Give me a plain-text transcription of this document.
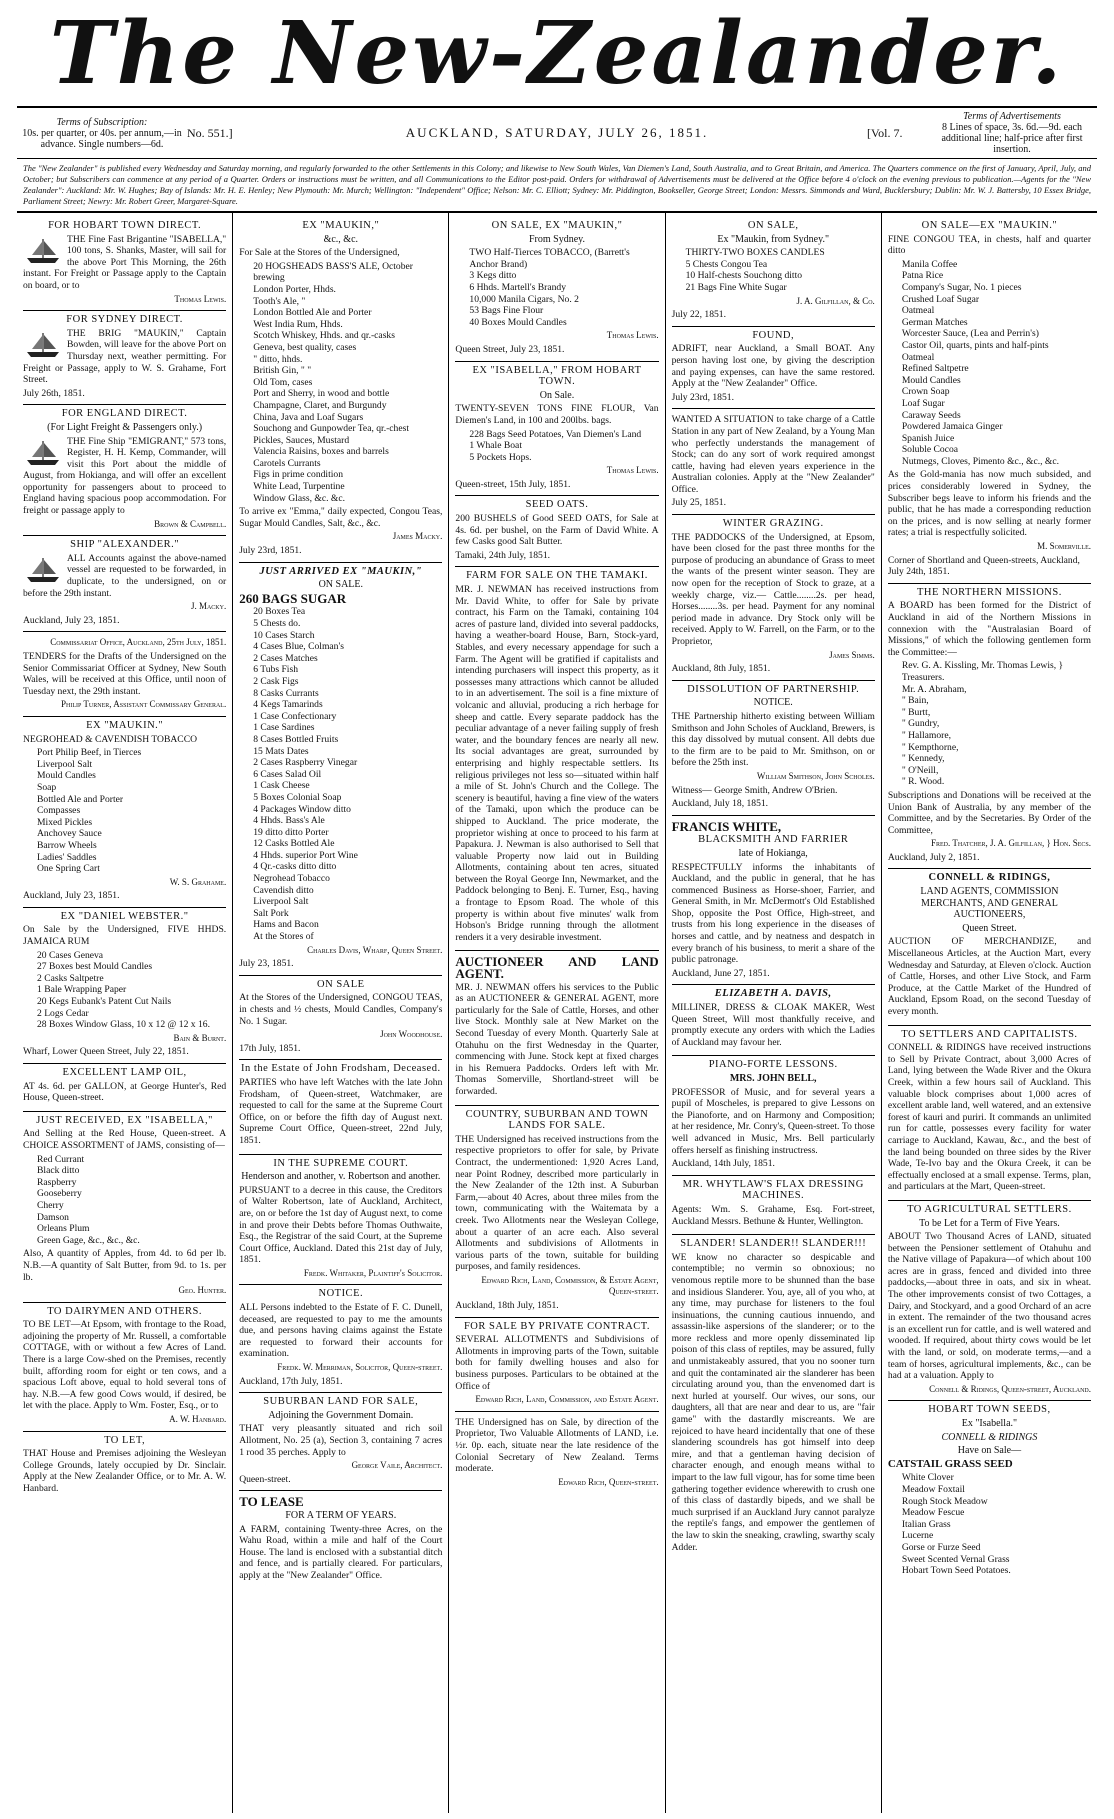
The New-Zealander.
Terms of Subscription:
10s. per quarter, or 40s. per annum,—in advance. Single numbers—6d.
No. 551.]	AUCKLAND, SATURDAY, JULY 26, 1851.	[Vol. 7.
Terms of Advertisements
8 Lines of space, 3s. 6d.—9d. each additional line; half-price after first insertion.
The "New Zealander" is published every Wednesday and Saturday morning, and regularly forwarded to the other Settlements in this Colony; and likewise to New South Wales, Van Diemen's Land, South Australia, and to Great Britain, and America. The Quarters commence on the first of January, April, July, and October; but Subscribers can commence at any period of a Quarter. Orders or instructions must be written, and all Communications to the Editor post-paid. Orders for withdrawal of Advertisements must be delivered at the Office before 4 o'clock on the evening previous to publication.—Agents for the "New Zealander": Auckland: Mr. W. Hughes; Bay of Islands: Mr. H. E. Henley; New Plymouth: Mr. Murch; Wellington: "Independent" Office; Nelson: Mr. C. Elliott; Sydney: Mr. Piddington, Bookseller, George Street; London: Messrs. Simmonds and Ward, Bucklersbury; Dublin: Mr. W. J. Battersby, 10 Essex Bridge, Parliament Street; Newry: Mr. Robert Greer, Margaret-Square.
FOR HOBART TOWN DIRECT.

THE Fine Fast Brigantine "ISABELLA," 100 tons, S. Shanks, Master, will sail for the above Port This Morning, the 26th instant. For Freight or Passage apply to the Captain on board, or to

Thomas Lewis.
FOR SYDNEY DIRECT.

THE BRIG "MAUKIN," Captain Bowden, will leave for the above Port on Thursday next, weather permitting. For Freight or Passage, apply to W. S. Grahame, Fort Street.

July 26th, 1851.
FOR ENGLAND DIRECT.
(For Light Freight & Passengers only.)

THE Fine Ship "EMIGRANT," 573 tons, Register, H. H. Kemp, Commander, will visit this Port about the middle of August, from Hokianga, and will offer an excellent opportunity for passengers about to proceed to England having spacious poop accommodation. For freight or passage apply to

Brown & Campbell.
SHIP "ALEXANDER."

ALL Accounts against the above-named vessel are requested to be forwarded, in duplicate, to the undersigned, on or before the 29th instant.

J. Macky.
Auckland, July 23, 1851.
Commissariat Office, Auckland, 25th July, 1851.

TENDERS for the Drafts of the Undersigned on the Senior Commissariat Officer at Sydney, New South Wales, will be received at this Office, until noon of Tuesday next, the 29th instant.

Philip Turner, Assistant Commissary General.
EX "MAUKIN."

NEGROHEAD & CAVENDISH TOBACCO

Port Philip Beef, in Tierces
Liverpool Salt
Mould Candles
Soap
Bottled Ale and Porter
Compasses
Mixed Pickles
Anchovey Sauce
Barrow Wheels
Ladies' Saddles
One Spring Cart
W. S. Grahame.
Auckland, July 23, 1851.
EX "DANIEL WEBSTER."

On Sale by the Undersigned, FIVE HHDS. JAMAICA RUM

20 Cases Geneva
27 Boxes best Mould Candles
2 Casks Saltpetre
1 Bale Wrapping Paper
20 Kegs Eubank's Patent Cut Nails
2 Logs Cedar
28 Boxes Window Glass, 10 x 12 @ 12 x 16.
Bain & Burnt.
Wharf, Lower Queen Street, July 22, 1851.
EXCELLENT LAMP OIL,

AT 4s. 6d. per GALLON, at George Hunter's, Red House, Queen-street.

JUST RECEIVED, EX "ISABELLA,"

And Selling at the Red House, Queen-street. A CHOICE ASSORTMENT of JAMS, consisting of—

Red Currant
Black ditto
Raspberry
Gooseberry
Cherry
Damson
Orleans Plum
Green Gage, &c., &c., &c.

Also, A quantity of Apples, from 4d. to 6d per lb. N.B.—A quantity of Salt Butter, from 9d. to 1s. per lb.

Geo. Hunter.
TO DAIRYMEN AND OTHERS.

TO BE LET—At Epsom, with frontage to the Road, adjoining the property of Mr. Russell, a comfortable COTTAGE, with or without a few Acres of Land. There is a large Cow-shed on the Premises, recently built, affording room for eight or ten cows, and a spacious Loft above, equal to hold several tons of hay. N.B.—A few good Cows would, if desired, be let with the place. Apply to Wm. Foster, Esq., or to

A. W. Hanbard.
TO LET,

THAT House and Premises adjoining the Wesleyan College Grounds, lately occupied by Dr. Sinclair. Apply at the New Zealander Office, or to Mr. A. W. Hanbard.

EX "MAUKIN,"
&c., &c.

For Sale at the Stores of the Undersigned,

20 HOGSHEADS BASS'S ALE, October brewing
London Porter, Hhds.
Tooth's Ale, "
London Bottled Ale and Porter
West India Rum, Hhds.
Scotch Whiskey, Hhds. and qr.-casks
Geneva, best quality, cases
" ditto, hhds.
British Gin, " "
Old Tom, cases
Port and Sherry, in wood and bottle
Champagne, Claret, and Burgundy
China, Java and Loaf Sugars
Souchong and Gunpowder Tea, qr.-chest
Pickles, Sauces, Mustard
Valencia Raisins, boxes and barrels
Carotels Currants
Figs in prime condition
White Lead, Turpentine
Window Glass, &c. &c.

To arrive ex "Emma," daily expected, Congou Teas, Sugar Mould Candles, Salt, &c., &c.

James Macky.
July 23rd, 1851.
JUST ARRIVED EX "MAUKIN,"
ON SALE.

260 BAGS SUGAR

20 Boxes Tea
5 Chests do.
10 Cases Starch
4 Cases Blue, Colman's
2 Cases Matches
6 Tubs Fish
2 Cask Figs
8 Casks Currants
4 Kegs Tamarinds
1 Case Confectionary
1 Case Sardines
8 Cases Bottled Fruits
15 Mats Dates
2 Cases Raspberry Vinegar
6 Cases Salad Oil
1 Cask Cheese
5 Boxes Colonial Soap
4 Packages Window ditto
4 Hhds. Bass's Ale
19 ditto ditto Porter
12 Casks Bottled Ale
4 Hhds. superior Port Wine
4 Qr.-casks ditto ditto
Negrohead Tobacco
Cavendish ditto
Liverpool Salt
Salt Pork
Hams and Bacon
At the Stores of
Charles Davis, Wharf, Queen Street.
July 23, 1851.
ON SALE

At the Stores of the Undersigned, CONGOU TEAS, in chests and ½ chests, Mould Candles, Company's No. 1 Sugar.

John Woodhouse.
17th July, 1851.
In the Estate of John Frodsham, Deceased.

PARTIES who have left Watches with the late John Frodsham, of Queen-street, Watchmaker, are requested to call for the same at the Supreme Court Office, on or before the fifth day of August next. Supreme Court Office, Queen-street, 22nd July, 1851.

IN THE SUPREME COURT.
Henderson and another, v. Robertson and another.

PURSUANT to a decree in this cause, the Creditors of Walter Robertson, late of Auckland, Architect, are, on or before the 1st day of August next, to come in and prove their Debts before Thomas Outhwaite, Esq., the Registrar of the said Court, at the Supreme Court Office, Auckland. Dated this 21st day of July, 1851.

Fredk. Whitaker, Plaintiff's Solicitor.
NOTICE.

ALL Persons indebted to the Estate of F. C. Dunell, deceased, are requested to pay to me the amounts due, and persons having claims against the Estate are requested to forward their accounts for examination.

Fredk. W. Merriman, Solicitor, Queen-street.
Auckland, 17th July, 1851.
SUBURBAN LAND FOR SALE,
Adjoining the Government Domain.

THAT very pleasantly situated and rich soil Allotment, No. 25 (a), Section 3, containing 7 acres 1 rood 35 perches. Apply to

George Vaile, Architect.
Queen-street.

TO LEASE

FOR A TERM OF YEARS.

A FARM, containing Twenty-three Acres, on the Wahu Road, within a mile and half of the Court House. The land is enclosed with a substantial ditch and fence, and is partially cleared. For particulars, apply at the "New Zealander" Office.

ON SALE, EX "MAUKIN,"
From Sydney.
TWO Half-Tierces TOBACCO, (Barrett's Anchor Brand)
3 Kegs ditto
6 Hhds. Martell's Brandy
10,000 Manila Cigars, No. 2
53 Bags Fine Flour
40 Boxes Mould Candles
Thomas Lewis.
Queen Street, July 23, 1851.
EX "ISABELLA," FROM HOBART TOWN.
On Sale.

TWENTY-SEVEN TONS FINE FLOUR, Van Diemen's Land, in 100 and 200lbs. bags.

228 Bags Seed Potatoes, Van Diemen's Land
1 Whale Boat
5 Pockets Hops.
Thomas Lewis.
Queen-street, 15th July, 1851.
SEED OATS.

200 BUSHELS of Good SEED OATS, for Sale at 4s. 6d. per bushel, on the Farm of David White. A few Casks good Salt Butter.

Tamaki, 24th July, 1851.
FARM FOR SALE ON THE TAMAKI.

MR. J. NEWMAN has received instructions from Mr. David White, to offer for Sale by private contract, his Farm on the Tamaki, containing 104 acres of pasture land, divided into several paddocks, having a weather-board House, Barn, Stock-yard, Stables, and every necessary appendage for such a Farm. The Agent will be gratified if capitalists and intending purchasers will inspect this property, as it possesses many attractions which cannot be alluded to in an advertisement. The soil is a fine mixture of volcanic and alluvial, producing a rich herbage for sheep and cattle. Every separate paddock has the peculiar advantage of a never failing supply of fresh water, and the boundary fences are nearly all new. Its social advantages are great, surrounded by enterprising and highly respectable settlers. Its religious privileges not less so—situated within half a mile of St. John's Church and the College. The scenery is beautiful, having a fine view of the waters of the Tamaki, upon which the produce can be shipped to Auckland. The price moderate, the proprietor wishing at once to proceed to his farm at Papakura. J. Newman is also authorised to Sell that valuable Property now laid out in Building Allotments, containing about ten acres, situated between the Royal George Inn, Newmarket, and the Paddock belonging to Benj. E. Turner, Esq., having a frontage to Epsom Road. The whole of this property is within about five minutes' walk from Hobson's Bridge running through the allotment renders it a very desirable investment.

AUCTIONEER AND LAND AGENT.

MR. J. NEWMAN offers his services to the Public as an AUCTIONEER & GENERAL AGENT, more particularly for the Sale of Cattle, Horses, and other live Stock. Monthly sale at New Market on the Second Tuesday of every Month. Quarterly Sale at Otahuhu on the first Wednesday in the Quarter, commencing with June. Stock kept at fixed charges in his Remuera Paddocks. Orders left with Mr. Thomas Somerville, Shortland-street will be forwarded.

COUNTRY, SUBURBAN AND TOWN LANDS FOR SALE.

THE Undersigned has received instructions from the respective proprietors to offer for sale, by Private Contract, the undermentioned: 1,920 Acres Land, near Point Rodney, described more particularly in the New Zealander of the 12th inst. A Suburban Farm,—about 40 Acres, about three miles from the town, communicating with the Waitemata by a creek. Two Allotments near the Wesleyan College, about a quarter of an acre each. Also several Allotments and subdivisions of Allotments in various parts of the town, suitable for building purposes, and family residences.

Edward Rich, Land, Commission, & Estate Agent, Queen-street.
Auckland, 18th July, 1851.
FOR SALE BY PRIVATE CONTRACT.

SEVERAL ALLOTMENTS and Subdivisions of Allotments in improving parts of the Town, suitable both for family dwelling houses and also for business purposes. Particulars to be obtained at the Office of

Edward Rich, Land, Commission, and Estate Agent.

THE Undersigned has on Sale, by direction of the Proprietor, Two Valuable Allotments of LAND, i.e. ½r. 0p. each, situate near the late residence of the Colonial Secretary of New Zealand. Terms moderate.

Edward Rich, Queen-street.
ON SALE,
Ex "Maukin, from Sydney."
THIRTY-TWO BOXES CANDLES
5 Chests Congou Tea
10 Half-chests Souchong ditto
21 Bags Fine White Sugar
J. A. Gilfillan, & Co.
July 22, 1851.
FOUND,

ADRIFT, near Auckland, a Small BOAT. Any person having lost one, by giving the description and paying expenses, can have the same restored. Apply at the "New Zealander" Office.

July 23rd, 1851.

WANTED A SITUATION to take charge of a Cattle Station in any part of New Zealand, by a Young Man who perfectly understands the management of Stock; can do any sort of work required amongst cattle, having had eleven years experience in the Australian colonies. Apply at the "New Zealander" Office.

July 25, 1851.
WINTER GRAZING.

THE PADDOCKS of the Undersigned, at Epsom, have been closed for the past three months for the purpose of producing an abundance of Grass to meet the wants of the present winter season. They are now open for the reception of Stock to graze, at a weekly charge, viz.— Cattle........2s. per head, Horses........3s. per head. Payment for any nominal period made in advance. Dry Stock only will be received. Apply to W. Farrell, on the Farm, or to the Proprietor,

James Simms.
Auckland, 8th July, 1851.
DISSOLUTION OF PARTNERSHIP.
NOTICE.

THE Partnership hitherto existing between William Smithson and John Scholes of Auckland, Brewers, is this day dissolved by mutual consent. All debts due to the firm are to be paid to Mr. Smithson, on or before the 25th inst.

William Smithson, John Scholes.

Witness— George Smith, Andrew O'Brien.

Auckland, July 18, 1851.

FRANCIS WHITE,

BLACKSMITH AND FARRIER
late of Hokianga,

RESPECTFULLY informs the inhabitants of Auckland, and the public in general, that he has commenced Business as Horse-shoer, Farrier, and General Smith, in Mr. McDermott's Old Established Shop, opposite the Post Office, High-street, and trusts from his long experience in the diseases of horses and cattle, and by neatness and despatch in every branch of his business, to merit a share of the public patronage.

Auckland, June 27, 1851.
ELIZABETH A. DAVIS,

MILLINER, DRESS & CLOAK MAKER, West Queen Street, Will most thankfully receive, and promptly execute any orders with which the Ladies of Auckland may favour her.

PIANO-FORTE LESSONS.
MRS. JOHN BELL,

PROFESSOR of Music, and for several years a pupil of Moscheles, is prepared to give Lessons on the Pianoforte, and on Harmony and Composition; at her residence, Mr. Conry's, Queen-street. To those well advanced in Music, Mrs. Bell particularly offers herself as finishing instructress.

Auckland, 14th July, 1851.
MR. WHYTLAW'S FLAX DRESSING MACHINES.

Agents: Wm. S. Grahame, Esq. Fort-street, Auckland Messrs. Bethune & Hunter, Wellington.

SLANDER! SLANDER!! SLANDER!!!

WE know no character so despicable and contemptible; no vermin so obnoxious; no venomous reptile more to be shunned than the base and insidious Slanderer. You, aye, all of you who, at any time, may purchase for listeners to the foul insinuations, the cunning cautious innuendo, and assassin-like aspersions of the slanderer; or to the more reckless and more openly disseminated lip poison of this class of reptiles, may be assured, fully and unmistakeably assured, that you no sooner turn and quit the contaminated air the slanderer has been circulating around you, than the envenomed dart is next hurled at yourself. Our wives, our sons, our daughters, all that are near and dear to us, are "fair game" with the dastardly miscreants. We are rejoiced to have heard incidentally that one of these slandering scoundrels has got himself into deep mire, and that a gentleman having decision of character enough, and enough means withal to impart to the law full vigour, has for some time been gathering together evidence wherewith to crush one of this class of dastardly bipeds, and we shall be much surprised if an Auckland Jury cannot paralyze the reptile's fangs, and empower the gentlemen of the law to skin the sneaking, crawling, swarthy scaly Adder.

ON SALE—EX "MAUKIN."

FINE CONGOU TEA, in chests, half and quarter ditto

Manila Coffee
Patna Rice
Company's Sugar, No. 1 pieces
Crushed Loaf Sugar
Oatmeal
German Matches
Worcester Sauce, (Lea and Perrin's)
Castor Oil, quarts, pints and half-pints
Oatmeal
Refined Saltpetre
Mould Candles
Crown Soap
Loaf Sugar
Caraway Seeds
Powdered Jamaica Ginger
Spanish Juice
Soluble Cocoa
Nutmegs, Cloves, Pimento &c., &c., &c.

As the Gold-mania has now much subsided, and prices considerably lowered in Sydney, the Subscriber begs leave to inform his friends and the public, that he has made a corresponding reduction on the prices, and is now selling at nearly former rates; a trial is respectfully solicited.

M. Somerville.
Corner of Shortland and Queen-streets, Auckland, July 24th, 1851.
THE NORTHERN MISSIONS.

A BOARD has been formed for the District of Auckland in aid of the Northern Missions in connexion with the "Australasian Board of Missions," of which the following gentlemen form the Committee:—

Rev. G. A. Kissling, Mr. Thomas Lewis, } Treasurers.
Mr. A. Abraham,
" Bain,
" Burtt,
" Gundry,
" Hallamore,
" Kempthorne,
" Kennedy,
" O'Neill,
" R. Wood.

Subscriptions and Donations will be received at the Union Bank of Australia, by any member of the Committee, and by the Secretaries. By Order of the Committee,

Fred. Thatcher, J. A. Gilfillan, } Hon. Secs.
Auckland, July 2, 1851.
CONNELL & RIDINGS,
LAND AGENTS, COMMISSION MERCHANTS, AND GENERAL AUCTIONEERS,
Queen Street.

AUCTION OF MERCHANDIZE, and Miscellaneous Articles, at the Auction Mart, every Wednesday and Saturday, at Eleven o'clock. Auction of Cattle, Horses, and other Live Stock, and Farm Produce, at the Cattle Market of the Hundred of Auckland, Epsom Road, on the second Tuesday of every month.

TO SETTLERS AND CAPITALISTS.

CONNELL & RIDINGS have received instructions to Sell by Private Contract, about 3,000 Acres of Land, lying between the Wade River and the Okura Creek, within a few hours sail of Auckland. This valuable block comprises about 1,000 acres of excellent arable land, well watered, and an extensive forest of kauri and puriri. It commands an unlimited run for cattle, possesses every facility for water carriage to Auckland, Kawau, &c., and the best of the land being bounded on three sides by the River Wade, Te-Ivo bay and the Okura Creek, it can be effectually enclosed at a small expense. Terms, plan, and particulars at the Mart, Queen-street.

TO AGRICULTURAL SETTLERS.
To be Let for a Term of Five Years.

ABOUT Two Thousand Acres of LAND, situated between the Pensioner settlement of Otahuhu and the Native village of Papakura—of which about 100 acres are in grass, fenced and divided into three paddocks,—about three in oats, and six in wheat. The other improvements consist of two Cottages, a Dairy, and Stockyard, and a good Orchard of an acre in extent. The remainder of the two thousand acres is an excellent run for cattle, and is well watered and wooded. If required, about thirty cows would be let with the land, or sold, on moderate terms,—and a team of horses, agricultural implements, &c., can be had at a valuation. Apply to

Connell & Ridings, Queen-street, Auckland.
HOBART TOWN SEEDS,
Ex "Isabella."
CONNELL & RIDINGS
Have on Sale—

CATSTAIL GRASS SEED

White Clover
Meadow Foxtail
Rough Stock Meadow
Meadow Fescue
Italian Grass
Lucerne
Gorse or Furze Seed
Sweet Scented Vernal Grass
Hobart Town Seed Potatoes.
